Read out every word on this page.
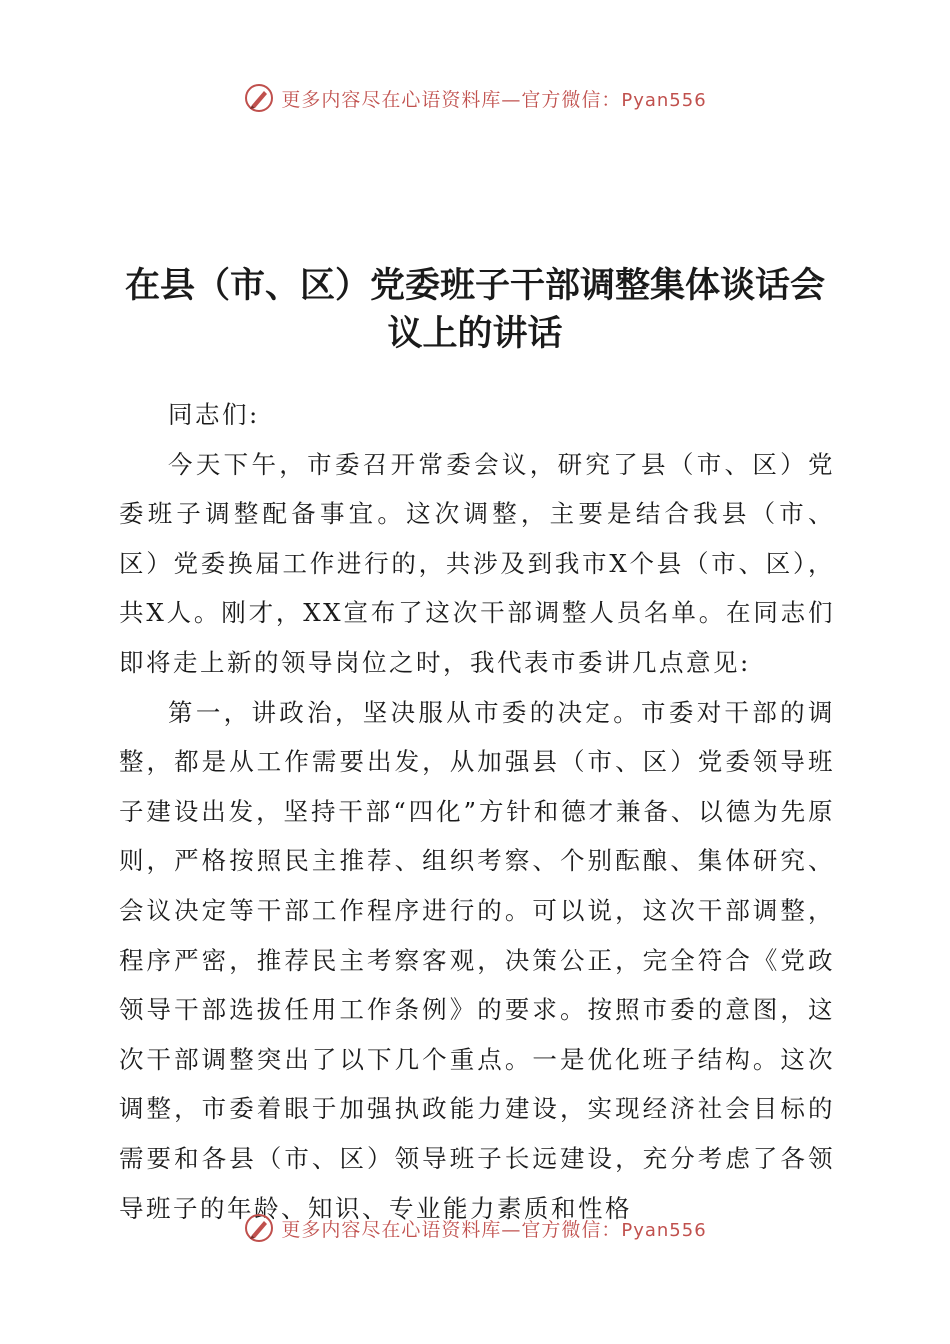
更多内容尽在心语资料库—官方微信：Pyan556
在县（市、区）党委班子干部调整集体谈话会议上的讲话

同志们:

今天下午，市委召开常委会议，研究了县（市、区）党委班子调整配备事宜。这次调整，主要是结合我县（市、区）党委换届工作进行的，共涉及到我市X个县（市、区），共X人。刚才，XX宣布了这次干部调整人员名单。在同志们即将走上新的领导岗位之时，我代表市委讲几点意见:

第一，讲政治，坚决服从市委的决定。市委对干部的调整，都是从工作需要出发，从加强县（市、区）党委领导班子建设出发，坚持干部“四化”方针和德才兼备、以德为先原则，严格按照民主推荐、组织考察、个别酝酿、集体研究、会议决定等干部工作程序进行的。可以说，这次干部调整，程序严密，推荐民主考察客观，决策公正，完全符合《党政领导干部选拔任用工作条例》的要求。按照市委的意图，这次干部调整突出了以下几个重点。一是优化班子结构。这次调整，市委着眼于加强执政能力建设，实现经济社会目标的需要和各县（市、区）领导班子长远建设，充分考虑了各领导班子的年龄、知识、专业能力素质和性格

更多内容尽在心语资料库—官方微信：Pyan556
